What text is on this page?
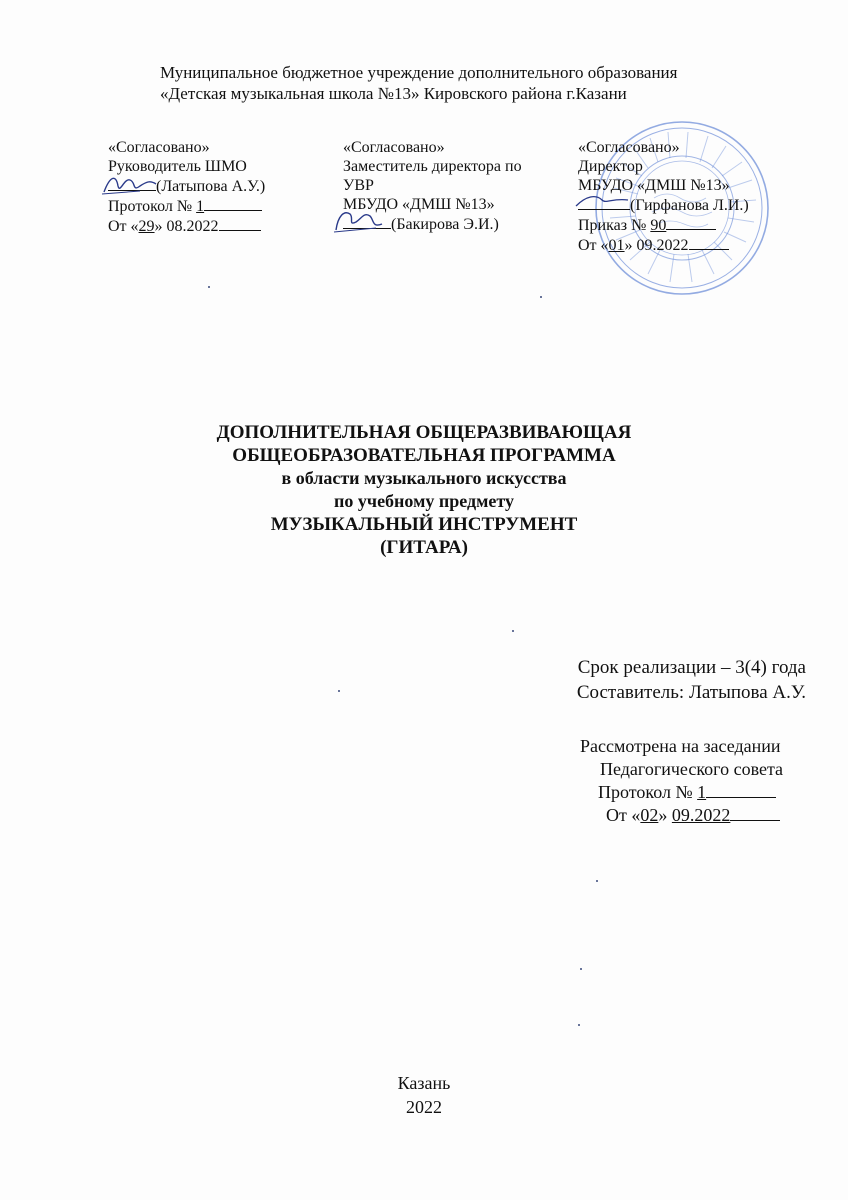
Муниципальное бюджетное учреждение дополнительного образования
«Детская музыкальная школа №13» Кировского района г.Казани
«Согласовано»
Руководитель ШМО
(Латыпова А.У.)
Протокол № 1
От «29» 08.2022
«Согласовано»
Заместитель директора по
УВР
МБУДО «ДМШ №13»
(Бакирова Э.И.)
«Согласовано»
Директор
МБУДО «ДМШ №13»
(Гирфанова Л.И.)
Приказ № 90
От «01» 09.2022
ДОПОЛНИТЕЛЬНАЯ ОБЩЕРАЗВИВАЮЩАЯ
ОБЩЕОБРАЗОВАТЕЛЬНАЯ ПРОГРАММА
в области музыкального искусства
по учебному предмету
МУЗЫКАЛЬНЫЙ ИНСТРУМЕНТ
(ГИТАРА)
Срок реализации – 3(4) года
Составитель: Латыпова А.У.
Рассмотрена на заседании
Педагогического совета
Протокол № 1
От «02» 09.2022
Казань
2022
